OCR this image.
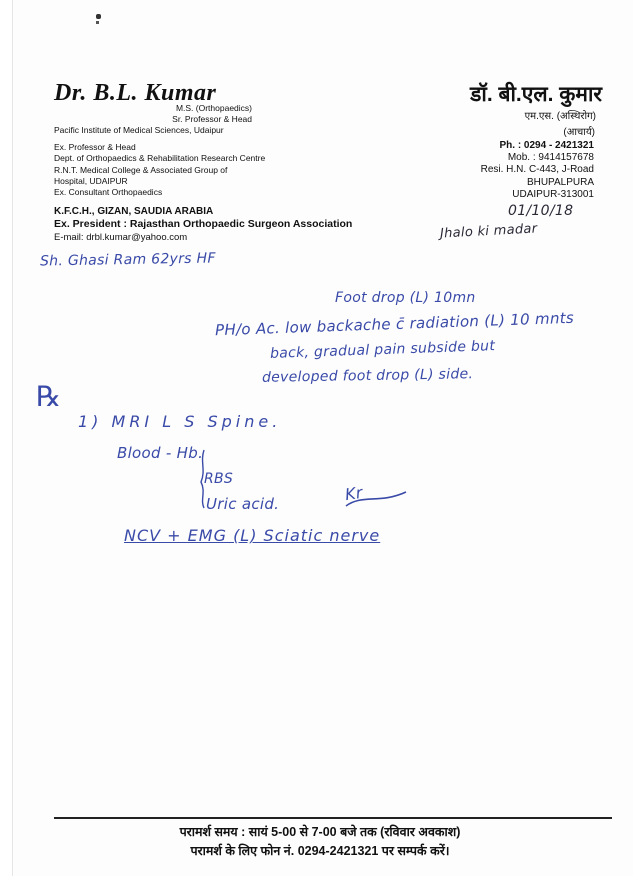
Dr. B.L. Kumar
M.S. (Orthopaedics)
Sr. Professor & Head
Pacific Institute of Medical Sciences, Udaipur
Ex. Professor & Head
Dept. of Orthopaedics & Rehabilitation Research Centre
R.N.T. Medical College & Associated Group of
Hospital, UDAIPUR
Ex. Consultant Orthopaedics
K.F.C.H., GIZAN, SAUDIA ARABIA
Ex. President : Rajasthan Orthopaedic Surgeon Association
E-mail: drbl.kumar@yahoo.com
डॉ. बी.एल. कुमार
एम.एस. (अस्थिरोग)
(आचार्य)
Ph. : 0294 - 2421321
Mob. : 9414157678
Resi. H.N. C-443, J-Road
BHUPALPURA
UDAIPUR-313001

01/10/18

Jhalo ki madar

Sh. Ghasi Ram 62yrs HF

Foot drop (L) 10mn

PH/o Ac. low backache c̄ radiation (L) 10 mnts

back, gradual pain subside but

developed foot drop (L) side.

℞

1) MRI L S Spine.

Blood - Hb.

RBS

Uric acid.	Kr

NCV + EMG (L) Sciatic nerve

परामर्श समय : सायं 5-00 से 7-00 बजे तक (रविवार अवकाश)
परामर्श के लिए फोन नं. 0294-2421321 पर सम्पर्क करें।
